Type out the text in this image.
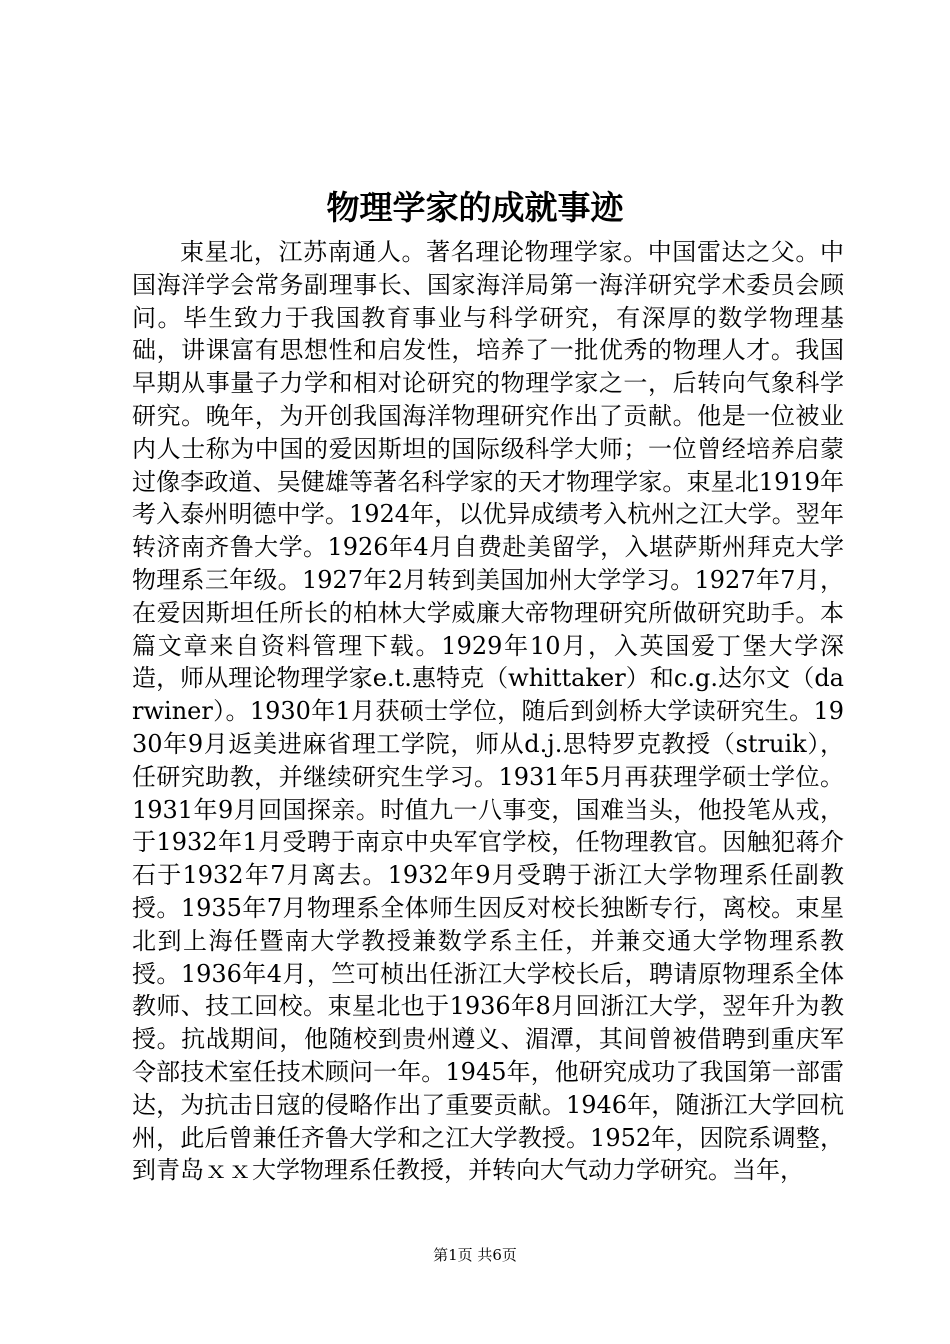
物理学家的成就事迹

束星北，江苏南通人。著名理论物理学家。中国雷达之父。中国海洋学会常务副理事长、国家海洋局第一海洋研究学术委员会顾问。毕生致力于我国教育事业与科学研究，有深厚的数学物理基础，讲课富有思想性和启发性，培养了一批优秀的物理人才。我国早期从事量子力学和相对论研究的物理学家之一，后转向气象科学研究。晚年，为开创我国海洋物理研究作出了贡献。他是一位被业内人士称为中国的爱因斯坦的国际级科学大师；一位曾经培养启蒙过像李政道、吴健雄等著名科学家的天才物理学家。束星北1919年考入泰州明德中学。1924年，以优异成绩考入杭州之江大学。翌年转济南齐鲁大学。1926年4月自费赴美留学，入堪萨斯州拜克大学物理系三年级。1927年2月转到美国加州大学学习。1927年7月，在爱因斯坦任所长的柏林大学威廉大帝物理研究所做研究助手。本篇文章来自资料管理下载。1929年10月，入英国爱丁堡大学深造，师从理论物理学家e.t.惠特克（whittaker）和c.g.达尔文（darwiner）。1930年1月获硕士学位，随后到剑桥大学读研究生。1930年9月返美进麻省理工学院，师从d.j.思特罗克教授（struik），任研究助教，并继续研究生学习。1931年5月再获理学硕士学位。1931年9月回国探亲。时值九一八事变，国难当头，他投笔从戎，于1932年1月受聘于南京中央军官学校，任物理教官。因触犯蒋介石于1932年7月离去。1932年9月受聘于浙江大学物理系任副教授。1935年7月物理系全体师生因反对校长独断专行，离校。束星北到上海任暨南大学教授兼数学系主任，并兼交通大学物理系教授。1936年4月，竺可桢出任浙江大学校长后，聘请原物理系全体教师、技工回校。束星北也于1936年8月回浙江大学，翌年升为教授。抗战期间，他随校到贵州遵义、湄潭，其间曾被借聘到重庆军令部技术室任技术顾问一年。1945年，他研究成功了我国第一部雷达，为抗击日寇的侵略作出了重要贡献。1946年，随浙江大学回杭州，此后曾兼任齐鲁大学和之江大学教授。1952年，因院系调整，到青岛ｘｘ大学物理系任教授，并转向大气动力学研究。当年，

第1页 共6页
